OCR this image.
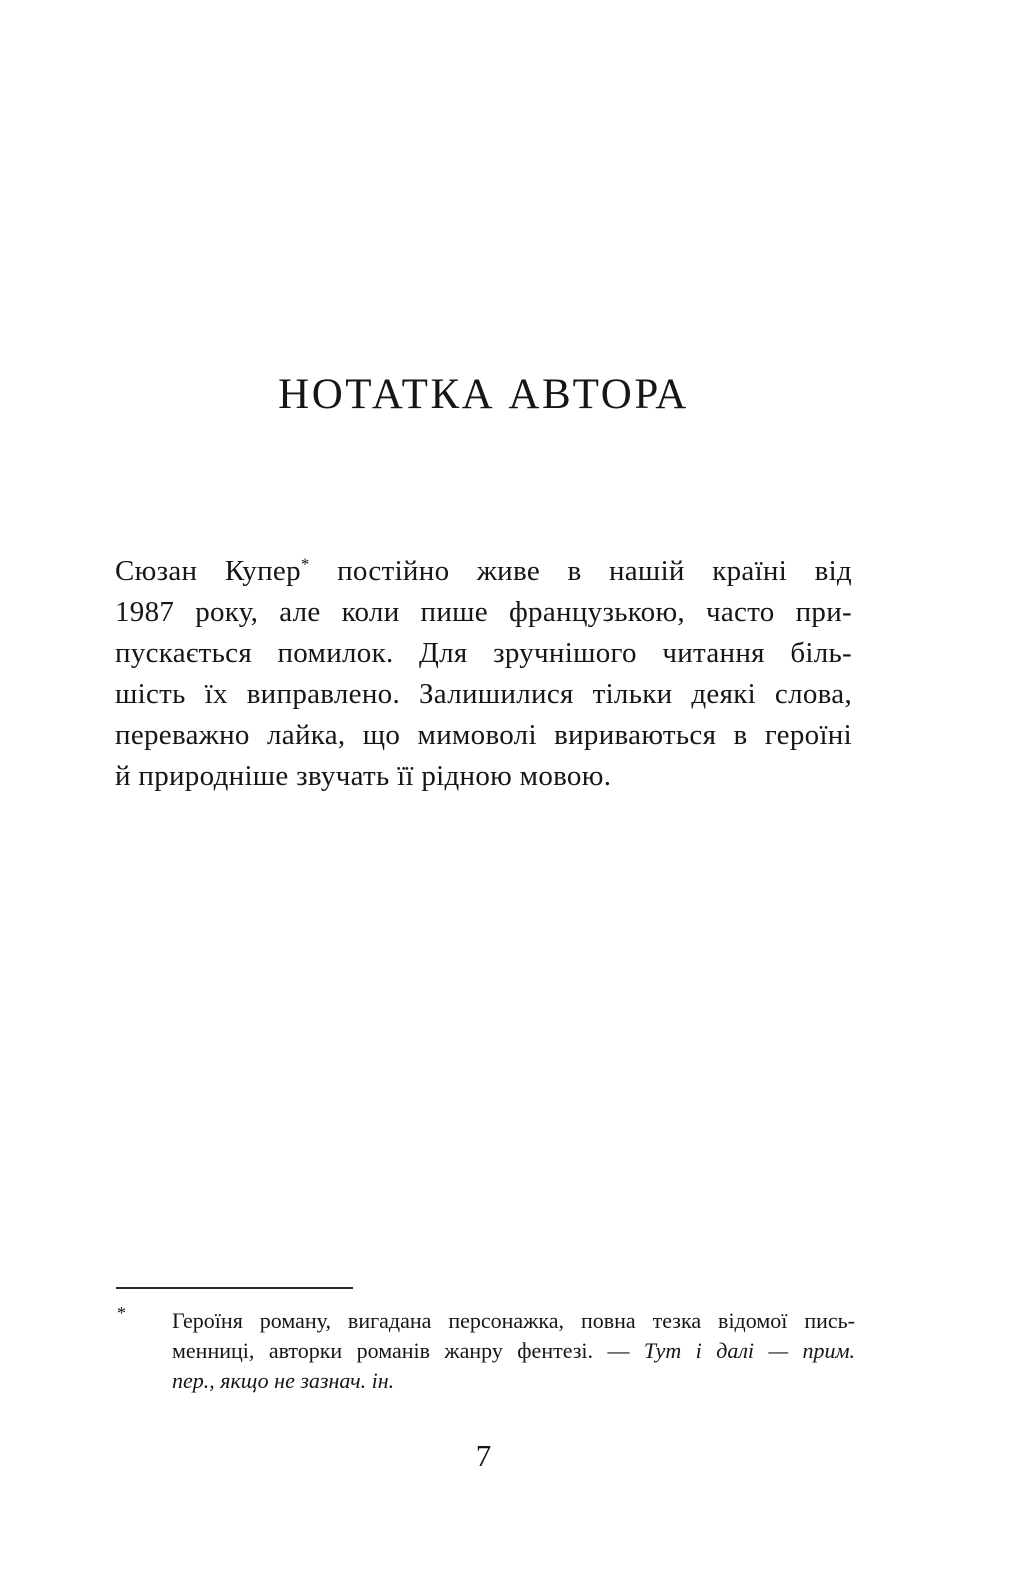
НОТАТКА АВТОРА
Сюзан Купер* постійно живе в нашій країні від
1987 року, але коли пише французькою, часто при-
пускається помилок. Для зручнішого читання біль-
шість їх виправлено. Залишилися тільки деякі слова,
переважно лайка, що мимоволі вириваються в героїні
й природніше звучать її рідною мовою.
* Героїня роману, вигадана персонажка, повна тезка відомої пись-
менниці, авторки романів жанру фентезі. — Тут і далі — прим.
пер., якщо не зазнач. ін.
7
